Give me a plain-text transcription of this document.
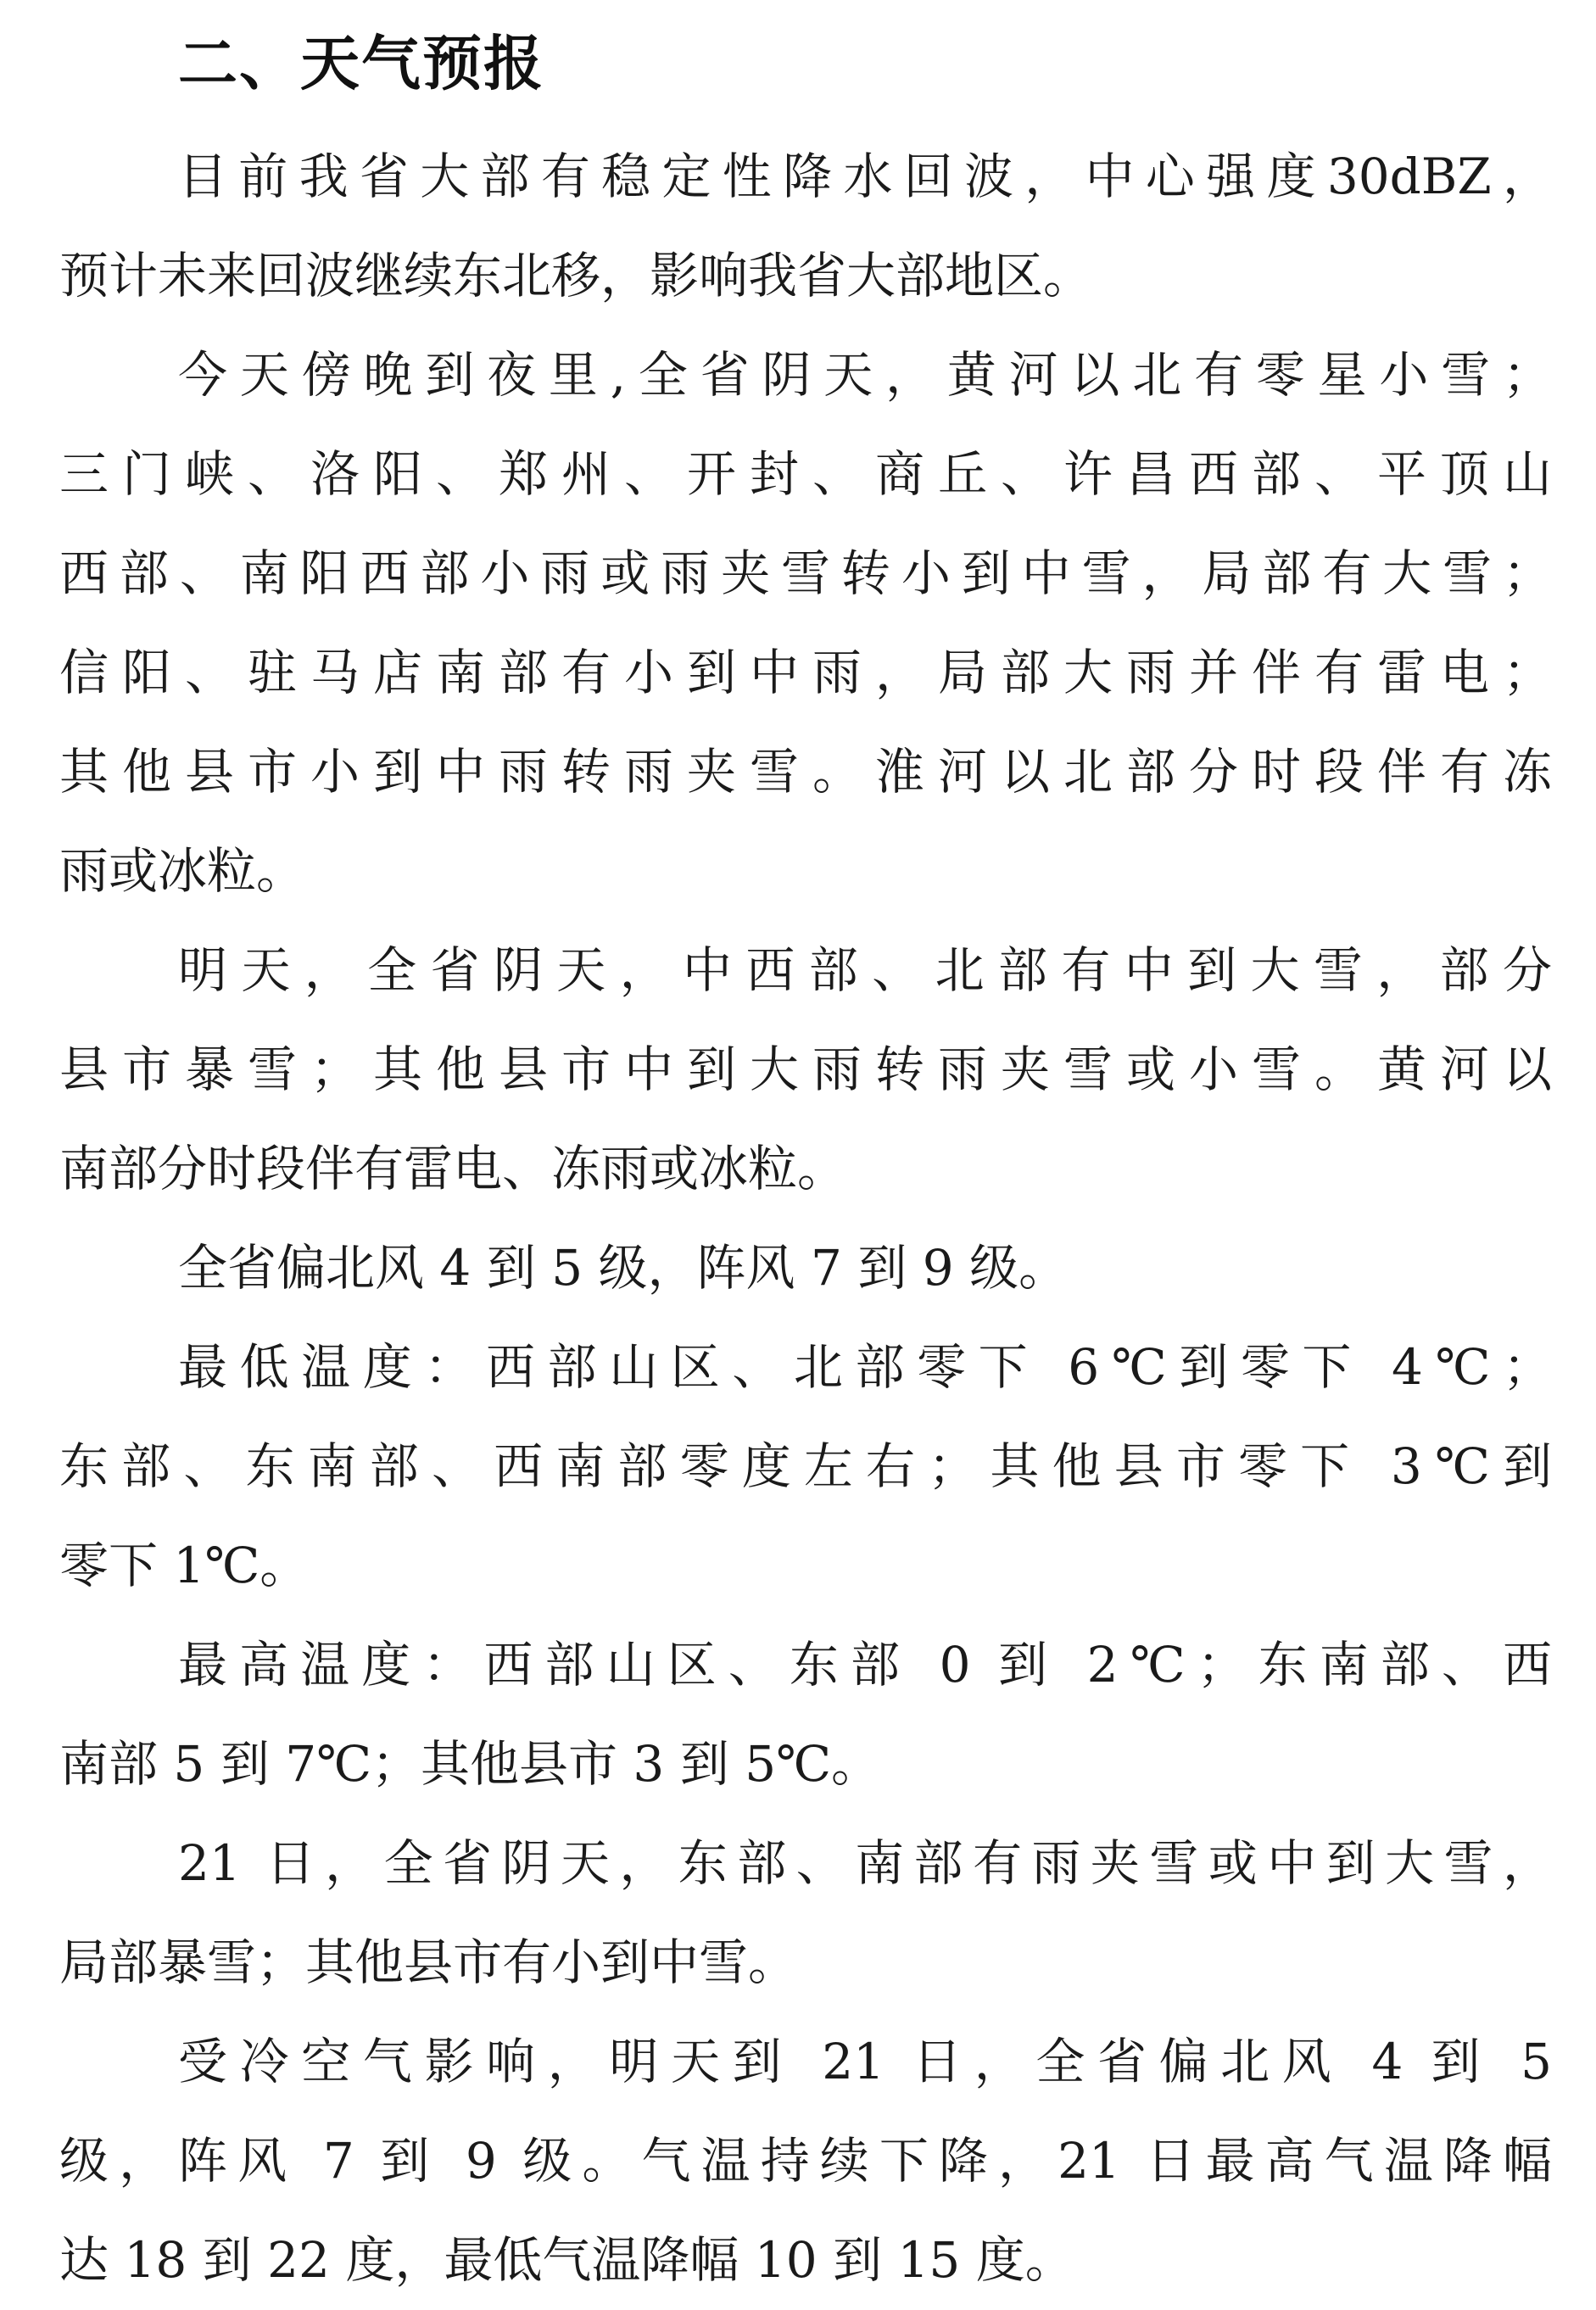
二、天气预报
目前我省大部有稳定性降水回波，中心强度30dBZ，
预计未来回波继续东北移，影响我省大部地区。
今天傍晚到夜里,全省阴天，黄河以北有零星小雪；
三门峡、洛阳、郑州、开封、商丘、许昌西部、平顶山
西部、南阳西部小雨或雨夹雪转小到中雪，局部有大雪；
信阳、驻马店南部有小到中雨，局部大雨并伴有雷电；
其他县市小到中雨转雨夹雪。淮河以北部分时段伴有冻
雨或冰粒。
明天，全省阴天，中西部、北部有中到大雪，部分
县市暴雪；其他县市中到大雨转雨夹雪或小雪。黄河以
南部分时段伴有雷电、冻雨或冰粒。
全省偏北风 4 到 5 级，阵风 7 到 9 级。
最低温度：西部山区、北部零下 6℃到零下 4℃；
东部、东南部、西南部零度左右；其他县市零下 3℃到
零下 1℃。
最高温度：西部山区、东部 0 到 2℃；东南部、西
南部 5 到 7℃；其他县市 3 到 5℃。
21 日，全省阴天，东部、南部有雨夹雪或中到大雪，
局部暴雪；其他县市有小到中雪。
受冷空气影响，明天到 21 日，全省偏北风 4 到 5
级，阵风 7 到 9 级。气温持续下降，21 日最高气温降幅
达 18 到 22 度，最低气温降幅 10 到 15 度。
